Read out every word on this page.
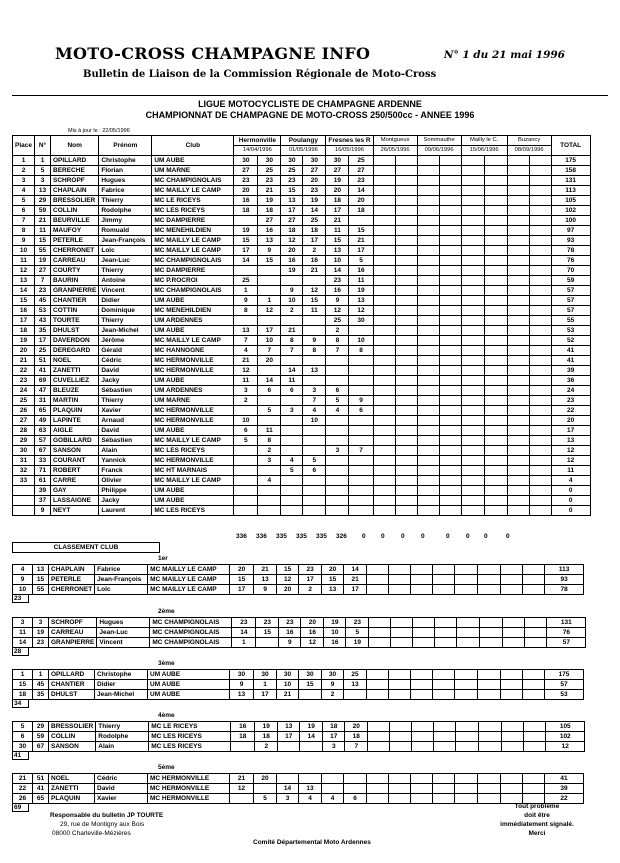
MOTO-CROSS CHAMPAGNE INFO	N° 1 du 21 mai 1996
Bulletin de Liaison de la Commission Régionale de Moto-Cross
LIGUE MOTOCYCLISTE DE CHAMPAGNE ARDENNE
CHAMPIONNAT DE CHAMPAGNE DE MOTO-CROSS 250/500cc - ANNEE 1996
Mis à jour le : 22/05/1996
Place	N°	Nom	Prénom	Club	Hermonville		Poulangy		Fresnes les R		Montgueux		Sommauthe		Mailly le C.		Buzancy		TOTAL
					14/04/1996		01/05/1996		16/05/1996		26/05/1996		09/06/1996		15/06/1996		08/09/1996		
1	1	OPILLARD	Christophe	UM AUBE	30	30	30	30	30	25									175
2	5	BERECHE	Florian	UM MARNE	27	25	25	27	27	27									158
3	3	SCHROPF	Hugues	MC CHAMPIGNOLAIS	23	23	23	20	19	23									131
4	13	CHAPLAIN	Fabrice	MC MAILLY LE CAMP	20	21	15	23	20	14									113
5	29	BRESSOLIER	Thierry	MC LE RICEYS	16	19	13	19	18	20									105
6	59	COLLIN	Rodolphe	MC LES RICEYS	18	18	17	14	17	18									102
7	21	BEURVILLE	Jimmy	MC DAMPIERRE		27	27	25	21										100
8	11	MAUFOY	Romuald	MC MENEHILDIEN	19	16	18	18	11	15									97
9	15	PETERLE	Jean-François	MC MAILLY LE CAMP	15	13	12	17	15	21									93
10	55	CHERRONET	Loïc	MC MAILLY LE CAMP	17	9	20	2	13	17									78
11	19	CARREAU	Jean-Luc	MC CHAMPIGNOLAIS	14	15	16	16	10	5									76
12	27	COURTY	Thierry	MC DAMPIERRE			19	21	14	16									70
13	7	BAURIN	Antoine	MC P.ROCROI	25				23	11									59
14	23	GRANPIERRE	Vincent	MC CHAMPIGNOLAIS	1		9	12	16	19									57
15	45	CHANTIER	Didier	UM AUBE	9	1	10	15	9	13									57
16	53	COTTIN	Dominique	MC MENEHILDIEN	8	12	2	11	12	12									57
17	43	TOURTE	Thierry	UM ARDENNES					25	30									55
18	35	DHULST	Jean-Michel	UM AUBE	13	17	21		2										53
19	17	DAVERDON	Jérôme	MC MAILLY LE CAMP	7	10	8	9	8	10									52
20	25	DEREGARD	Gérald	MC HANNOGNE	4	7	7	8	7	8									41
21	51	NOEL	Cédric	MC HERMONVILLE	21	20													41
22	41	ZANETTI	David	MC HERMONVILLE	12		14	13											39
23	69	CUVELLIEZ	Jacky	UM AUBE	11	14	11												36
24	47	BLEUZE	Sébastien	UM ARDENNES	3	6	6	3	6										24
25	31	MARTIN	Thierry	UM MARNE	2			7	5	9									23
26	65	PLAQUIN	Xavier	MC HERMONVILLE		5	3	4	4	6									22
27	49	LAPINTE	Arnaud	MC HERMONVILLE	10			10											20
28	63	AIGLE	David	UM AUBE	6	11													17
29	57	GOBILLARD	Sébastien	MC MAILLY LE CAMP	5	8													13
30	67	SANSON	Alain	MC LES RICEYS		2			3	7									12
31	33	COURANT	Yannick	MC HERMONVILLE		3	4	5											12
32	71	ROBERT	Franck	MC HT MARNAIS			5	6											11
33	61	CARRE	Olivier	MC MAILLY LE CAMP		4													4
	39	GAY	Philippe	UM AUBE															0
	37	LASSAIGNE	Jacky	UM AUBE															0
	9	NEYT	Laurent	MC LES RICEYS															0
336 336 335 335 335 326 0 0	0	0	0	0 0	0
CLASSEMENT CLUB
1er
4	13	CHAPLAIN	Fabrice	MC MAILLY LE CAMP	20	21	15	23	20	14									113
9	15	PETERLE	Jean-François	MC MAILLY LE CAMP	15	13	12	17	15	21									93
10	55	CHERRONET	Loïc	MC MAILLY LE CAMP	17	9	20	2	13	17									78
23
2ème
3	3	SCHROPF	Hugues	MC CHAMPIGNOLAIS	23	23	23	20	19	23									131
11	19	CARREAU	Jean-Luc	MC CHAMPIGNOLAIS	14	15	16	16	10	5									76
14	23	GRANPIERRE	Vincent	MC CHAMPIGNOLAIS	1		9	12	16	19									57
28
3ème
1	1	OPILLARD	Christophe	UM AUBE	30	30	30	30	30	25									175
15	45	CHANTIER	Didier	UM AUBE	9	1	10	15	9	13									57
18	35	DHULST	Jean-Michel	UM AUBE	13	17	21		2										53
34
4ème
5	29	BRESSOLIER	Thierry	MC LE RICEYS	16	19	13	19	18	20									105
6	59	COLLIN	Rodolphe	MC LES RICEYS	18	18	17	14	17	18									102
30	67	SANSON	Alain	MC LES RICEYS		2			3	7									12
41
5ème
21	51	NOEL	Cédric	MC HERMONVILLE	21	20													41
22	41	ZANETTI	David	MC HERMONVILLE	12		14	13											39
26	65	PLAQUIN	Xavier	MC HERMONVILLE		5	3	4	4	6									22
69
Responsable du bulletin JP TOURTE
29, rue de Montigny aux Bois
08000 Charleville-Mézières
Comité Départemental Moto Ardennes
Tout problème
doit être
immédiatement signalé.
Merci
